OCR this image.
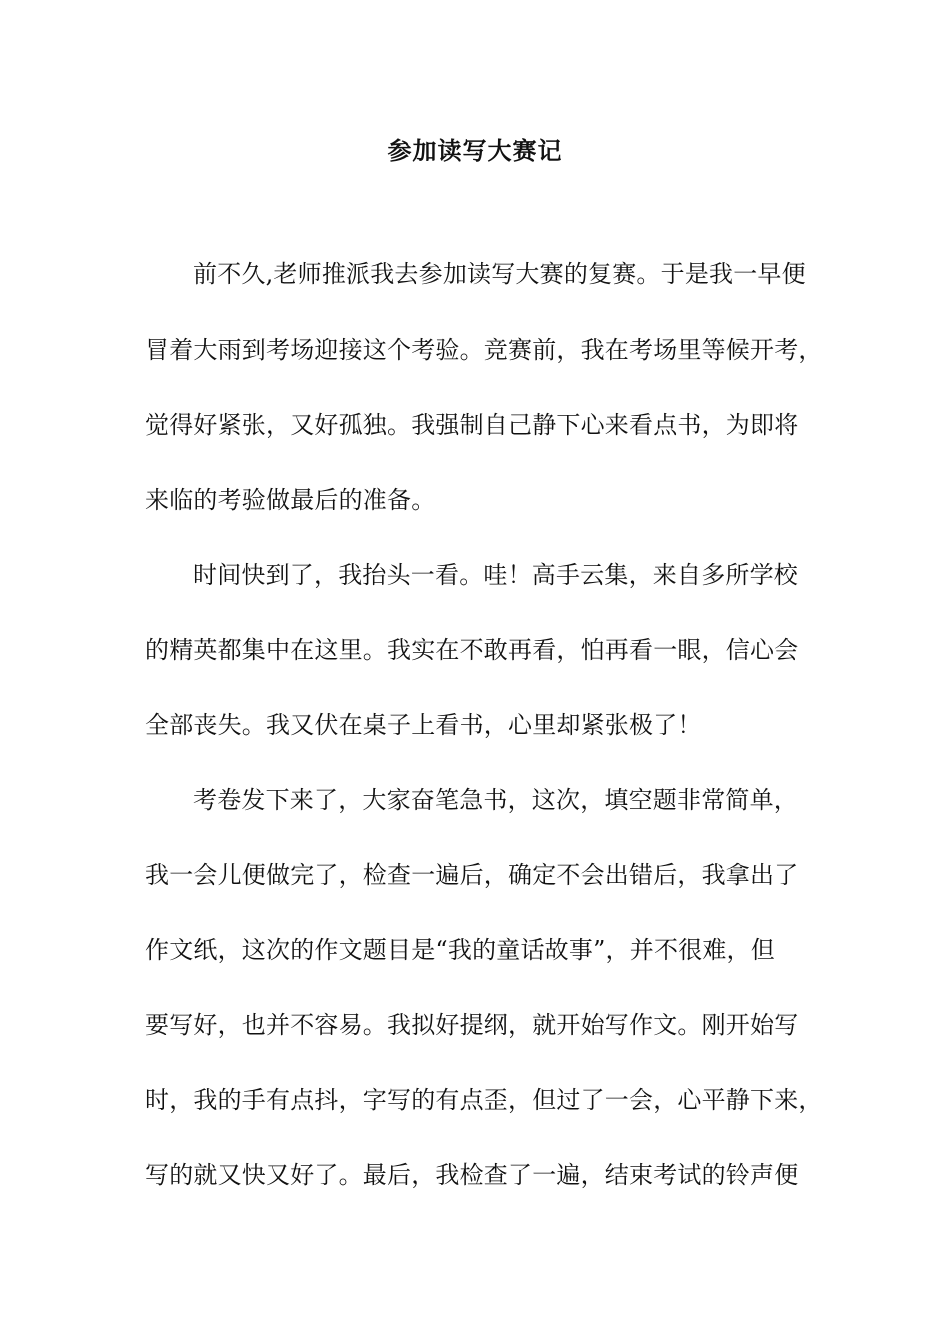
参加读写大赛记
前不久,老师推派我去参加读写大赛的复赛。于是我一早便
冒着大雨到考场迎接这个考验。竞赛前，我在考场里等候开考，
觉得好紧张，又好孤独。我强制自己静下心来看点书，为即将
来临的考验做最后的准备。
时间快到了，我抬头一看。哇！高手云集，来自多所学校
的精英都集中在这里。我实在不敢再看，怕再看一眼，信心会
全部丧失。我又伏在桌子上看书，心里却紧张极了！
考卷发下来了，大家奋笔急书，这次，填空题非常简单，
我一会儿便做完了，检查一遍后，确定不会出错后，我拿出了
作文纸，这次的作文题目是“我的童话故事”，并不很难，但
要写好，也并不容易。我拟好提纲，就开始写作文。刚开始写
时，我的手有点抖，字写的有点歪，但过了一会，心平静下来，
写的就又快又好了。最后，我检查了一遍，结束考试的铃声便
